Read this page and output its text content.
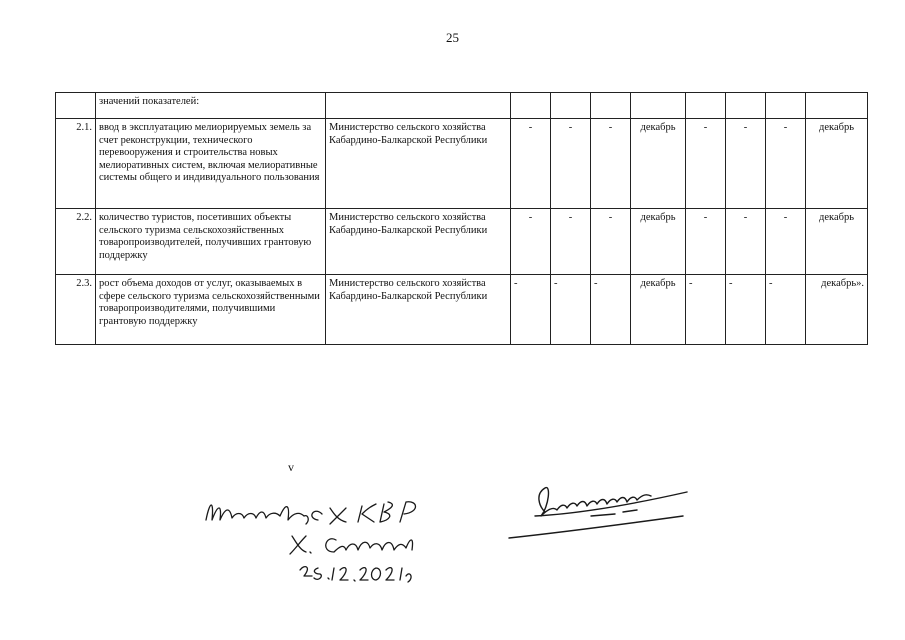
25
	значений показателей:									
2.1.	ввод в эксплуатацию мелиорируемых земель за счет реконструкции, технического перевооружения и строительства новых мелиоративных систем, включая мелиоративные системы общего и индивидуального пользования	Министерство сельского хозяйства Кабардино-Балкарской Республики	-	-	-	декабрь	-	-	-	декабрь
2.2.	количество туристов, посетивших объекты сельского туризма сельскохозяйственных товаропроизводителей, получивших грантовую поддержку	Министерство сельского хозяйства Кабардино-Балкарской Республики	-	-	-	декабрь	-	-	-	декабрь
2.3.	рост объема доходов от услуг, оказываемых в сфере сельского туризма сельскохозяйственными товаропроизводителями, получившими грантовую поддержку	Министерство сельского хозяйства Кабардино-Балкарской Республики	-	-	-	декабрь	-	-	-	декабрь».
v
